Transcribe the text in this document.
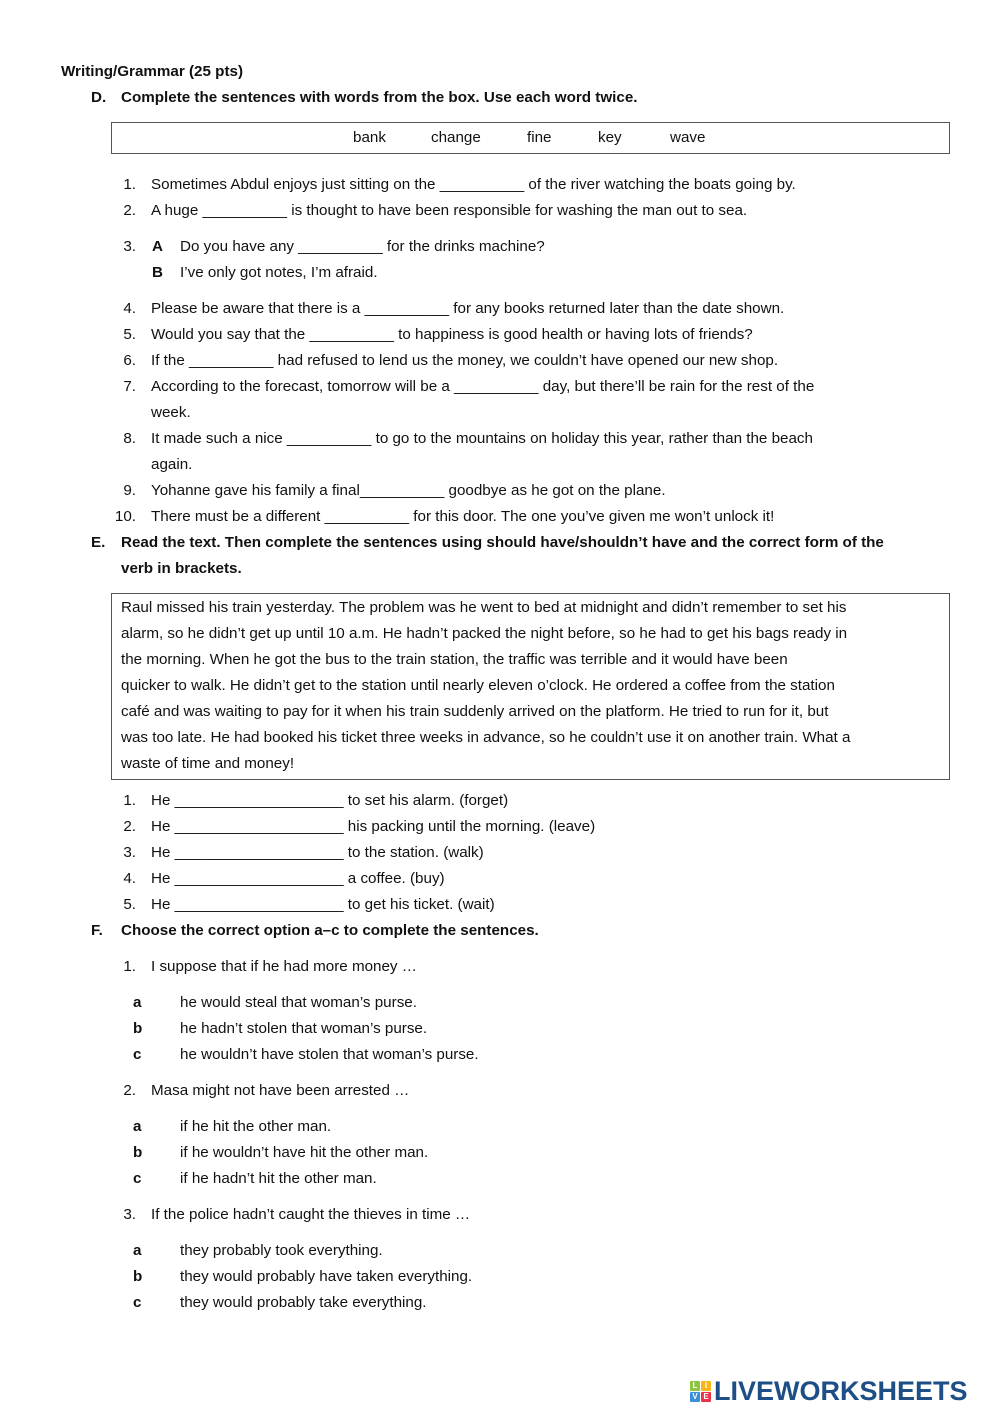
Writing/Grammar (25 pts)
D. Complete the sentences with words from the box. Use each word twice.
bank	change	fine	key	wave
1. Sometimes Abdul enjoys just sitting on the __________ of the river watching the boats going by.
2. A huge __________ is thought to have been responsible for washing the man out to sea.
3. A Do you have any __________ for the drinks machine?
B I’ve only got notes, I’m afraid.
4. Please be aware that there is a __________ for any books returned later than the date shown.
5. Would you say that the __________ to happiness is good health or having lots of friends?
6. If the __________ had refused to lend us the money, we couldn’t have opened our new shop.
7. According to the forecast, tomorrow will be a __________ day, but there’ll be rain for the rest of the
week.
8. It made such a nice __________ to go to the mountains on holiday this year, rather than the beach
again.
9. Yohanne gave his family a final__________ goodbye as he got on the plane.
10. There must be a different __________ for this door. The one you’ve given me won’t unlock it!
E. Read the text. Then complete the sentences using should have/shouldn’t have and the correct form of the
verb in brackets.
Raul missed his train yesterday. The problem was he went to bed at midnight and didn’t remember to set his
alarm, so he didn’t get up until 10 a.m. He hadn’t packed the night before, so he had to get his bags ready in
the morning. When he got the bus to the train station, the traffic was terrible and it would have been
quicker to walk. He didn’t get to the station until nearly eleven o’clock. He ordered a coffee from the station
café and was waiting to pay for it when his train suddenly arrived on the platform. He tried to run for it, but
was too late. He had booked his ticket three weeks in advance, so he couldn’t use it on another train. What a
waste of time and money!
1. He ____________________ to set his alarm. (forget)
2. He ____________________ his packing until the morning. (leave)
3. He ____________________ to the station. (walk)
4. He ____________________ a coffee. (buy)
5. He ____________________ to get his ticket. (wait)
F. Choose the correct option a–c to complete the sentences.
1. I suppose that if he had more money …
a	he would steal that woman’s purse.
b he hadn’t stolen that woman’s purse.
c	he wouldn’t have stolen that woman’s purse.
2. Masa might not have been arrested …
a	if he hit the other man.
b if he wouldn’t have hit the other man.
c	if he hadn’t hit the other man.
3. If the police hadn’t caught the thieves in time …
a	they probably took everything.
b they would probably have taken everything.
c	they would probably take everything.
L I
V E LIVEWORKSHEETS
